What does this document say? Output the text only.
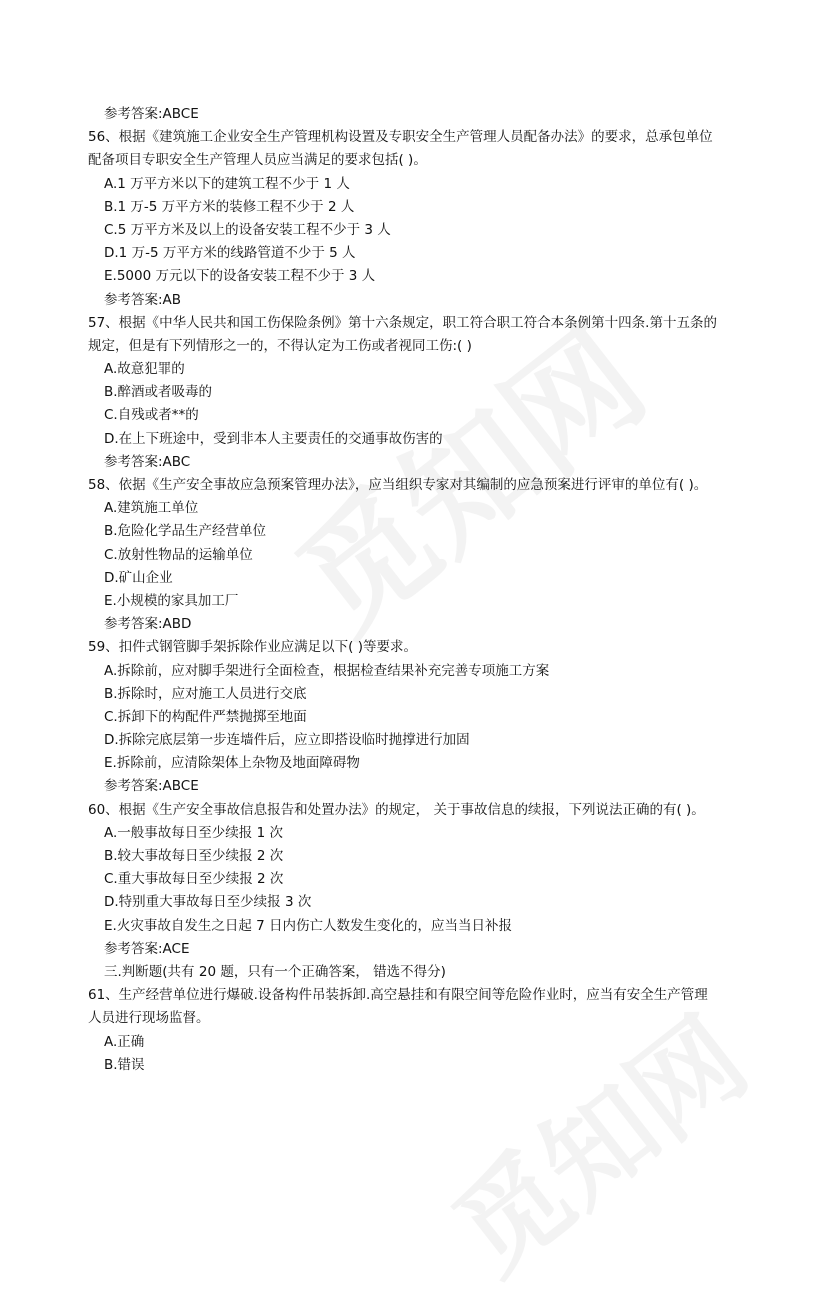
参考答案:ABCE
56、根据《建筑施工企业安全生产管理机构设置及专职安全生产管理人员配备办法》的要求，总承包单位
配备项目专职安全生产管理人员应当满足的要求包括( )。
A.1 万平方米以下的建筑工程不少于 1 人
B.1 万-5 万平方米的装修工程不少于 2 人
C.5 万平方米及以上的设备安装工程不少于 3 人
D.1 万-5 万平方米的线路管道不少于 5 人
E.5000 万元以下的设备安装工程不少于 3 人
参考答案:AB
57、根据《中华人民共和国工伤保险条例》第十六条规定，职工符合职工符合本条例第十四条.第十五条的
规定，但是有下列情形之一的，不得认定为工伤或者视同工伤:( )
A.故意犯罪的
B.醉酒或者吸毒的
C.自残或者**的
D.在上下班途中，受到非本人主要责任的交通事故伤害的
参考答案:ABC
58、依据《生产安全事故应急预案管理办法》，应当组织专家对其编制的应急预案进行评审的单位有( )。
A.建筑施工单位
B.危险化学品生产经营单位
C.放射性物品的运输单位
D.矿山企业
E.小规模的家具加工厂
参考答案:ABD
59、扣件式钢管脚手架拆除作业应满足以下( )等要求。
A.拆除前，应对脚手架进行全面检查，根据检查结果补充完善专项施工方案
B.拆除时，应对施工人员进行交底
C.拆卸下的构配件严禁抛掷至地面
D.拆除完底层第一步连墙件后，应立即搭设临时抛撑进行加固
E.拆除前，应清除架体上杂物及地面障碍物
参考答案:ABCE
60、根据《生产安全事故信息报告和处置办法》的规定， 关于事故信息的续报，下列说法正确的有( )。
A.一般事故每日至少续报 1 次
B.较大事故每日至少续报 2 次
C.重大事故每日至少续报 2 次
D.特别重大事故每日至少续报 3 次
E.火灾事故自发生之日起 7 日内伤亡人数发生变化的，应当当日补报
参考答案:ACE
三.判断题(共有 20 题，只有一个正确答案， 错选不得分)
61、生产经营单位进行爆破.设备构件吊装拆卸.高空悬挂和有限空间等危险作业时，应当有安全生产管理
人员进行现场监督。
A.正确
B.错误
